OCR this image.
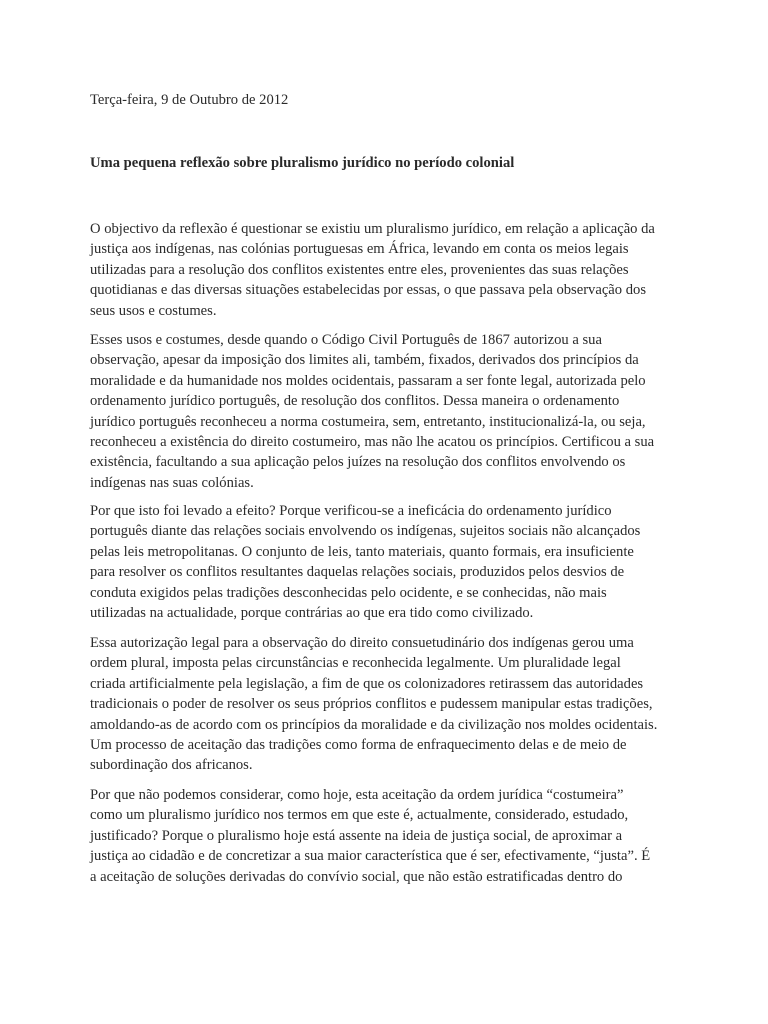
Terça-feira, 9 de Outubro de 2012
Uma pequena reflexão sobre pluralismo jurídico no período colonial
O objectivo da reflexão é questionar se existiu um pluralismo jurídico, em relação a aplicação da
justiça aos indígenas, nas colónias portuguesas em África, levando em conta os meios legais
utilizadas para a resolução dos conflitos existentes entre eles, provenientes das suas relações
quotidianas e das diversas situações estabelecidas por essas, o que passava pela observação dos
seus usos e costumes.
Esses usos e costumes, desde quando o Código Civil Português de 1867 autorizou a sua
observação, apesar da imposição dos limites ali, também, fixados, derivados dos princípios da
moralidade e da humanidade nos moldes ocidentais, passaram a ser fonte legal, autorizada pelo
ordenamento jurídico português, de resolução dos conflitos. Dessa maneira o ordenamento
jurídico português reconheceu a norma costumeira, sem, entretanto, institucionalizá-la, ou seja,
reconheceu a existência do direito costumeiro, mas não lhe acatou os princípios. Certificou a sua
existência, facultando a sua aplicação pelos juízes na resolução dos conflitos envolvendo os
indígenas nas suas colónias.
Por que isto foi levado a efeito? Porque verificou-se a ineficácia do ordenamento jurídico
português diante das relações sociais envolvendo os indígenas, sujeitos sociais não alcançados
pelas leis metropolitanas. O conjunto de leis, tanto materiais, quanto formais, era insuficiente
para resolver os conflitos resultantes daquelas relações sociais, produzidos pelos desvios de
conduta exigidos pelas tradições desconhecidas pelo ocidente, e se conhecidas, não mais
utilizadas na actualidade, porque contrárias ao que era tido como civilizado.
Essa autorização legal para a observação do direito consuetudinário dos indígenas gerou uma
ordem plural, imposta pelas circunstâncias e reconhecida legalmente. Um pluralidade legal
criada artificialmente pela legislação, a fim de que os colonizadores retirassem das autoridades
tradicionais o poder de resolver os seus próprios conflitos e pudessem manipular estas tradições,
amoldando-as de acordo com os princípios da moralidade e da civilização nos moldes ocidentais.
Um processo de aceitação das tradições como forma de enfraquecimento delas e de meio de
subordinação dos africanos.
Por que não podemos considerar, como hoje, esta aceitação da ordem jurídica “costumeira”
como um pluralismo jurídico nos termos em que este é, actualmente, considerado, estudado,
justificado? Porque o pluralismo hoje está assente na ideia de justiça social, de aproximar a
justiça ao cidadão e de concretizar a sua maior característica que é ser, efectivamente, “justa”. É
a aceitação de soluções derivadas do convívio social, que não estão estratificadas dentro do
